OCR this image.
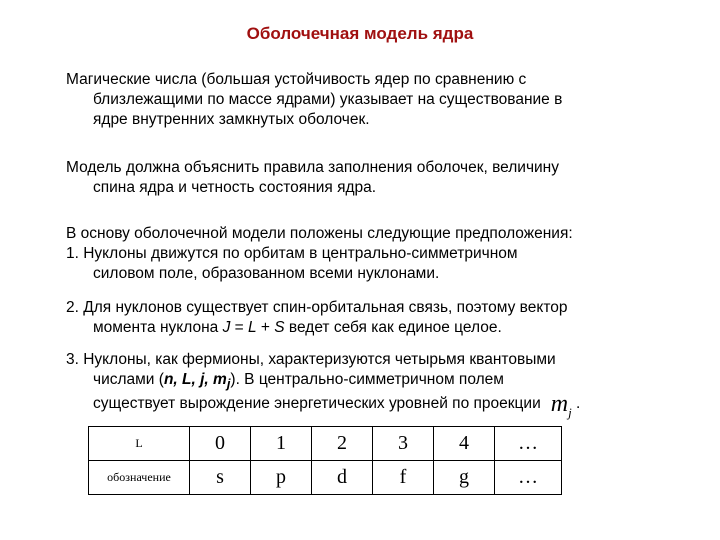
Оболочечная модель ядра
Магические числа (большая устойчивость ядер по сравнению с
близлежащими по массе ядрами) указывает на существование в
ядре внутренних замкнутых оболочек.
Модель должна объяснить правила заполнения оболочек, величину
спина ядра и четность состояния ядра.
В основу оболочечной модели положены следующие предположения:
1. Нуклоны движутся по орбитам в центрально-симметричном
силовом поле, образованном всеми нуклонами.
2. Для нуклонов существует спин-орбитальная связь, поэтому вектор
момента нуклона J = L + S ведет себя как единое целое.
3. Нуклоны, как фермионы, характеризуются четырьмя квантовыми
числами (n, L, j, $m_j$). В центрально-симметричном полем
существует вырождение энергетических уровней по проекции $m_j$ .
L	0	1	2	3	4	…
обозначение	s	p	d	f	g	…
